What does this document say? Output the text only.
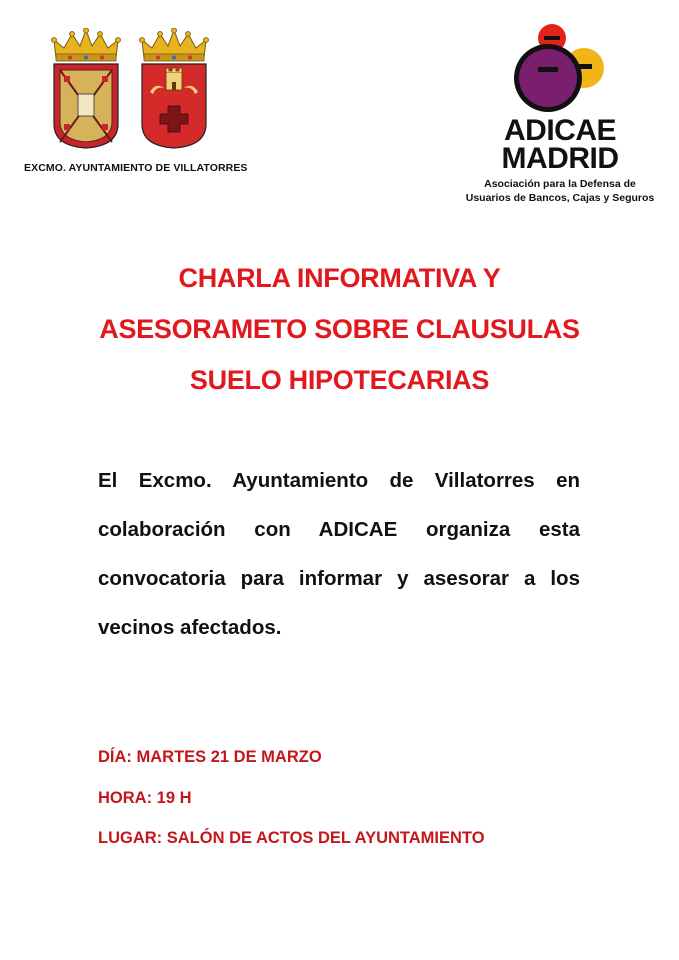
EXCMO. AYUNTAMIENTO DE VILLATORRES
ADICAE
MADRID
Asociación para la Defensa de
Usuarios de Bancos, Cajas y Seguros
CHARLA INFORMATIVA Y
ASESORAMETO SOBRE CLAUSULAS
SUELO HIPOTECARIAS
El Excmo. Ayuntamiento de Villatorres en
colaboración con ADICAE organiza esta
convocatoria para informar y asesorar a los
vecinos afectados.
DÍA: MARTES 21 DE MARZO
HORA: 19 H
LUGAR: SALÓN DE ACTOS DEL AYUNTAMIENTO
